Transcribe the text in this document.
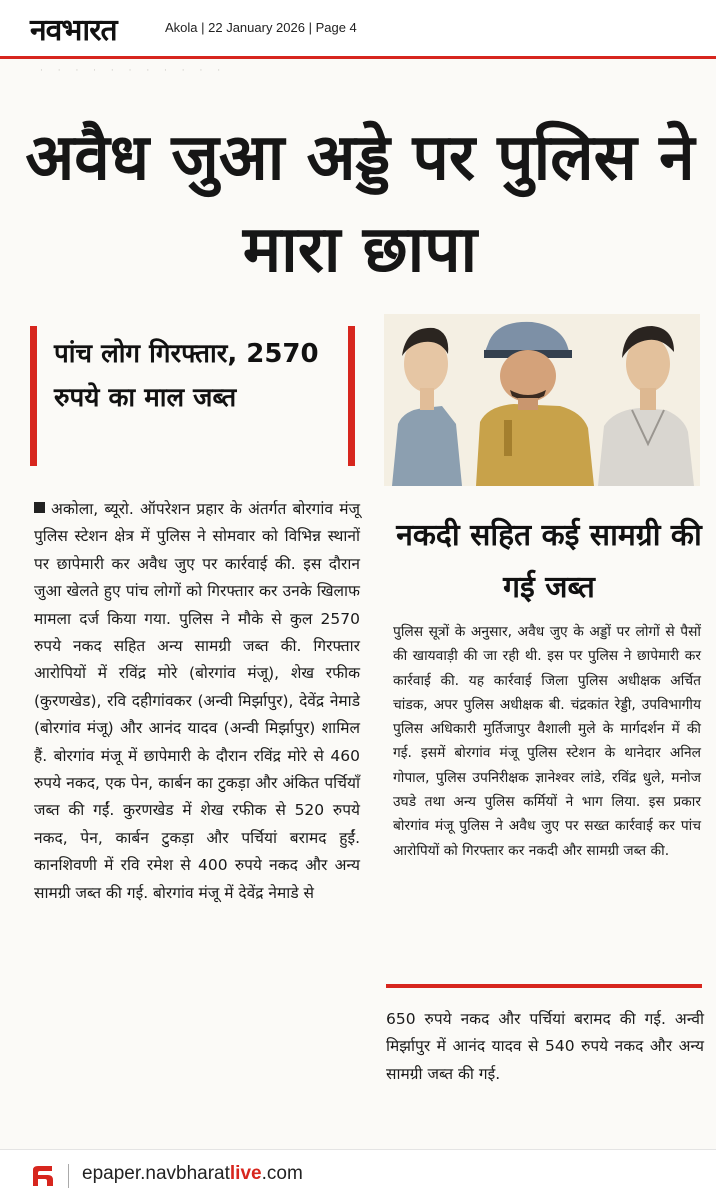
नवभारत	Akola | 22 January 2026 | Page 4
· · · · · · · · · · ·
अवैध जुआ अड्डे पर पुलिस ने मारा छापा
पांच लोग गिरफ्तार, 2570 रुपये का माल जब्त
नकदी सहित कई सामग्री की गई जब्त

अकोला, ब्यूरो. ऑपरेशन प्रहार के अंतर्गत बोरगांव मंजू पुलिस स्टेशन क्षेत्र में पुलिस ने सोमवार को विभिन्न स्थानों पर छापेमारी कर अवैध जुए पर कार्रवाई की. इस दौरान जुआ खेलते हुए पांच लोगों को गिरफ्तार कर उनके खिलाफ मामला दर्ज किया गया. पुलिस ने मौके से कुल 2570 रुपये नकद सहित अन्य सामग्री जब्त की. गिरफ्तार आरोपियों में रविंद्र मोरे (बोरगांव मंजू), शेख रफीक (कुरणखेड), रवि दहीगांवकर (अन्वी मिर्झापुर), देवेंद्र नेमाडे (बोरगांव मंजू) और आनंद यादव (अन्वी मिर्झापुर) शामिल हैं. बोरगांव मंजू में छापेमारी के दौरान रविंद्र मोरे से 460 रुपये नकद, एक पेन, कार्बन का टुकड़ा और अंकित पर्चियाँ जब्त की गईं. कुरणखेड में शेख रफीक से 520 रुपये नकद, पेन, कार्बन टुकड़ा और पर्चियां बरामद हुईं. कानशिवणी में रवि रमेश से 400 रुपये नकद और अन्य सामग्री जब्त की गई. बोरगांव मंजू में देवेंद्र नेमाडे से

पुलिस सूत्रों के अनुसार, अवैध जुए के अड्डों पर लोगों से पैसों की खायवाड़ी की जा रही थी. इस पर पुलिस ने छापेमारी कर कार्रवाई की. यह कार्रवाई जिला पुलिस अधीक्षक अर्चित चांडक, अपर पुलिस अधीक्षक बी. चंद्रकांत रेड्डी, उपविभागीय पुलिस अधिकारी मुर्तिजापुर वैशाली मुले के मार्गदर्शन में की गई. इसमें बोरगांव मंजू पुलिस स्टेशन के थानेदार अनिल गोपाल, पुलिस उपनिरीक्षक ज्ञानेश्वर लांडे, रविंद्र धुले, मनोज उघडे तथा अन्य पुलिस कर्मियों ने भाग लिया. इस प्रकार बोरगांव मंजू पुलिस ने अवैध जुए पर सख्त कार्रवाई कर पांच आरोपियों को गिरफ्तार कर नकदी और सामग्री जब्त की.

650 रुपये नकद और पर्चियां बरामद की गई. अन्वी मिर्झापुर में आनंद यादव से 540 रुपये नकद और अन्य सामग्री जब्त की गई.

epaper.navbharatlive.com
